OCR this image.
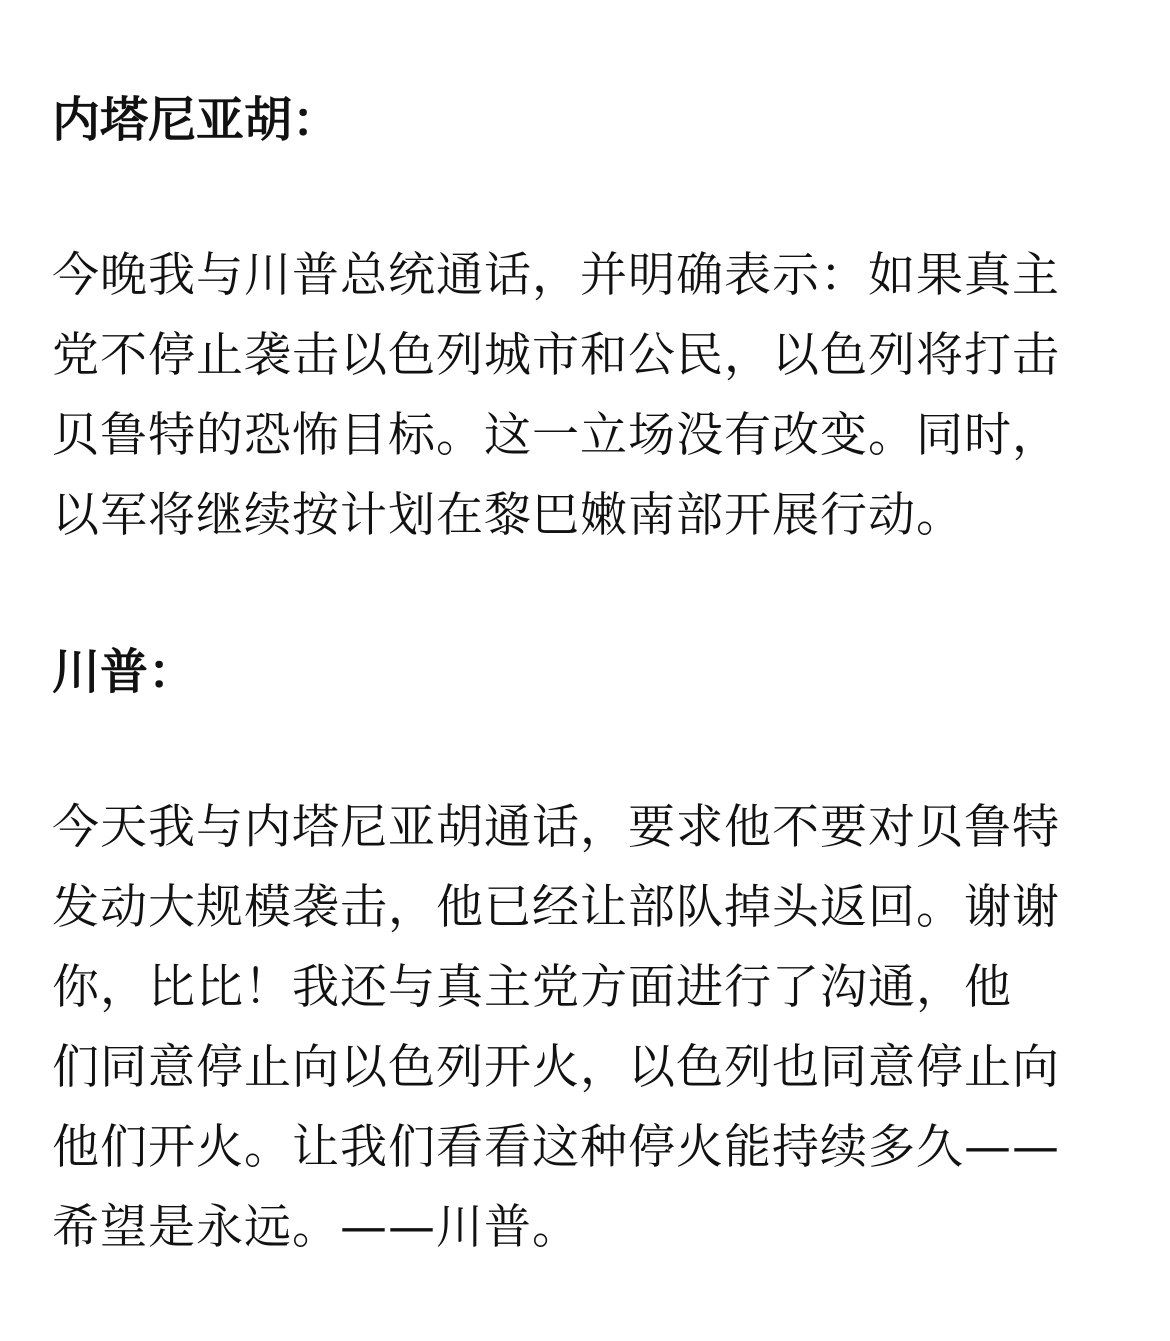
内塔尼亚胡：

今晚我与川普总统通话，并明确表示：如果真主
党不停止袭击以色列城市和公民，以色列将打击
贝鲁特的恐怖目标。这一立场没有改变。同时，
以军将继续按计划在黎巴嫩南部开展行动。

川普：

今天我与内塔尼亚胡通话，要求他不要对贝鲁特
发动大规模袭击，他已经让部队掉头返回。谢谢
你，比比！我还与真主党方面进行了沟通，他
们同意停止向以色列开火，以色列也同意停止向
他们开火。让我们看看这种停火能持续多久——
希望是永远。——川普。
